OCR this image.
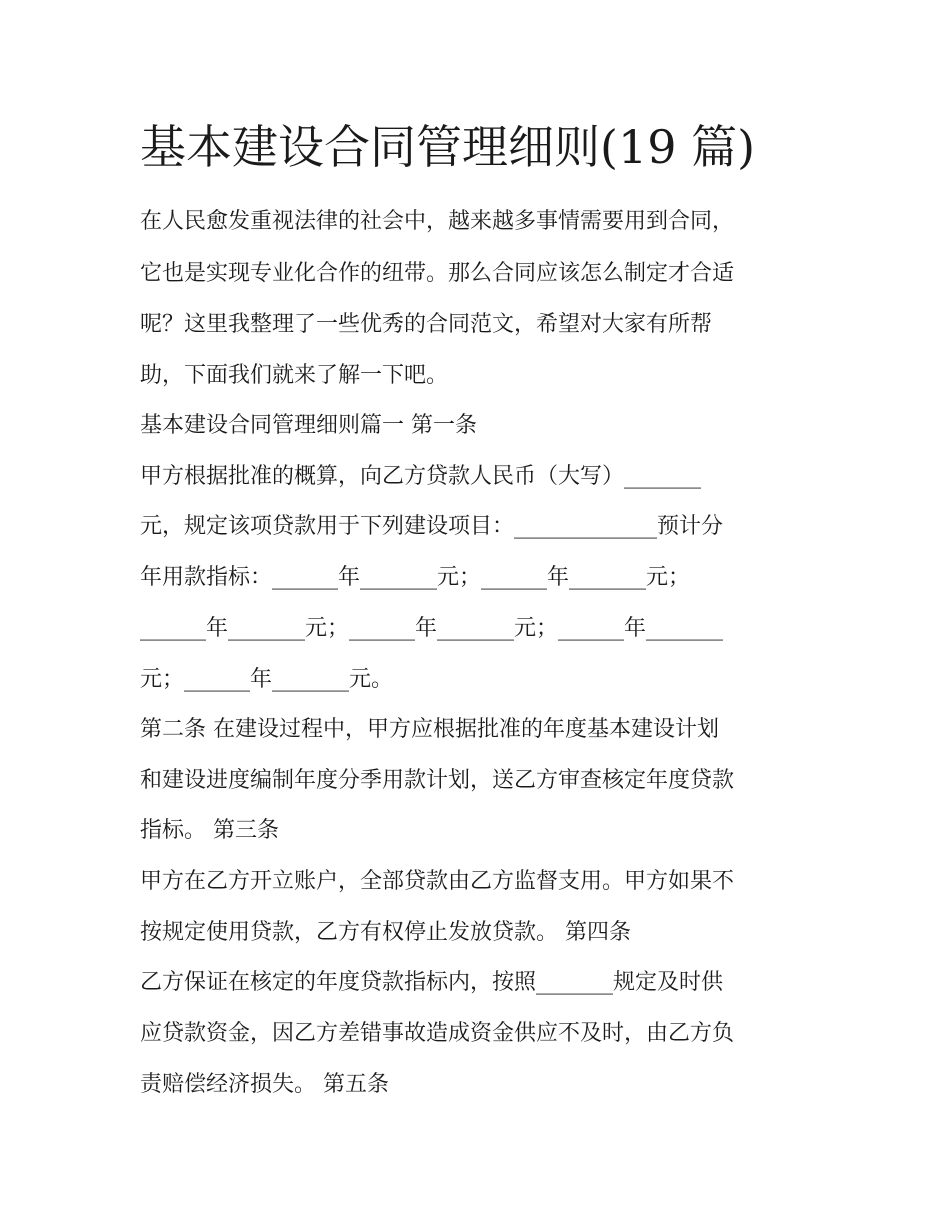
基本建设合同管理细则(19 篇)

在人民愈发重视法律的社会中，越来越多事情需要用到合同，

它也是实现专业化合作的纽带。那么合同应该怎么制定才合适

呢？这里我整理了一些优秀的合同范文，希望对大家有所帮

助，下面我们就来了解一下吧。

基本建设合同管理细则篇一 第一条

甲方根据批准的概算，向乙方贷款人民币（大写）_______

元，规定该项贷款用于下列建设项目：_____________预计分

年用款指标：______年_______元；______年_______元；

______年_______元；______年_______元；______年_______

元；______年_______元。

第二条 在建设过程中，甲方应根据批准的年度基本建设计划

和建设进度编制年度分季用款计划，送乙方审查核定年度贷款

指标。 第三条

甲方在乙方开立账户，全部贷款由乙方监督支用。甲方如果不

按规定使用贷款，乙方有权停止发放贷款。 第四条

乙方保证在核定的年度贷款指标内，按照_______规定及时供

应贷款资金，因乙方差错事故造成资金供应不及时，由乙方负

责赔偿经济损失。 第五条
